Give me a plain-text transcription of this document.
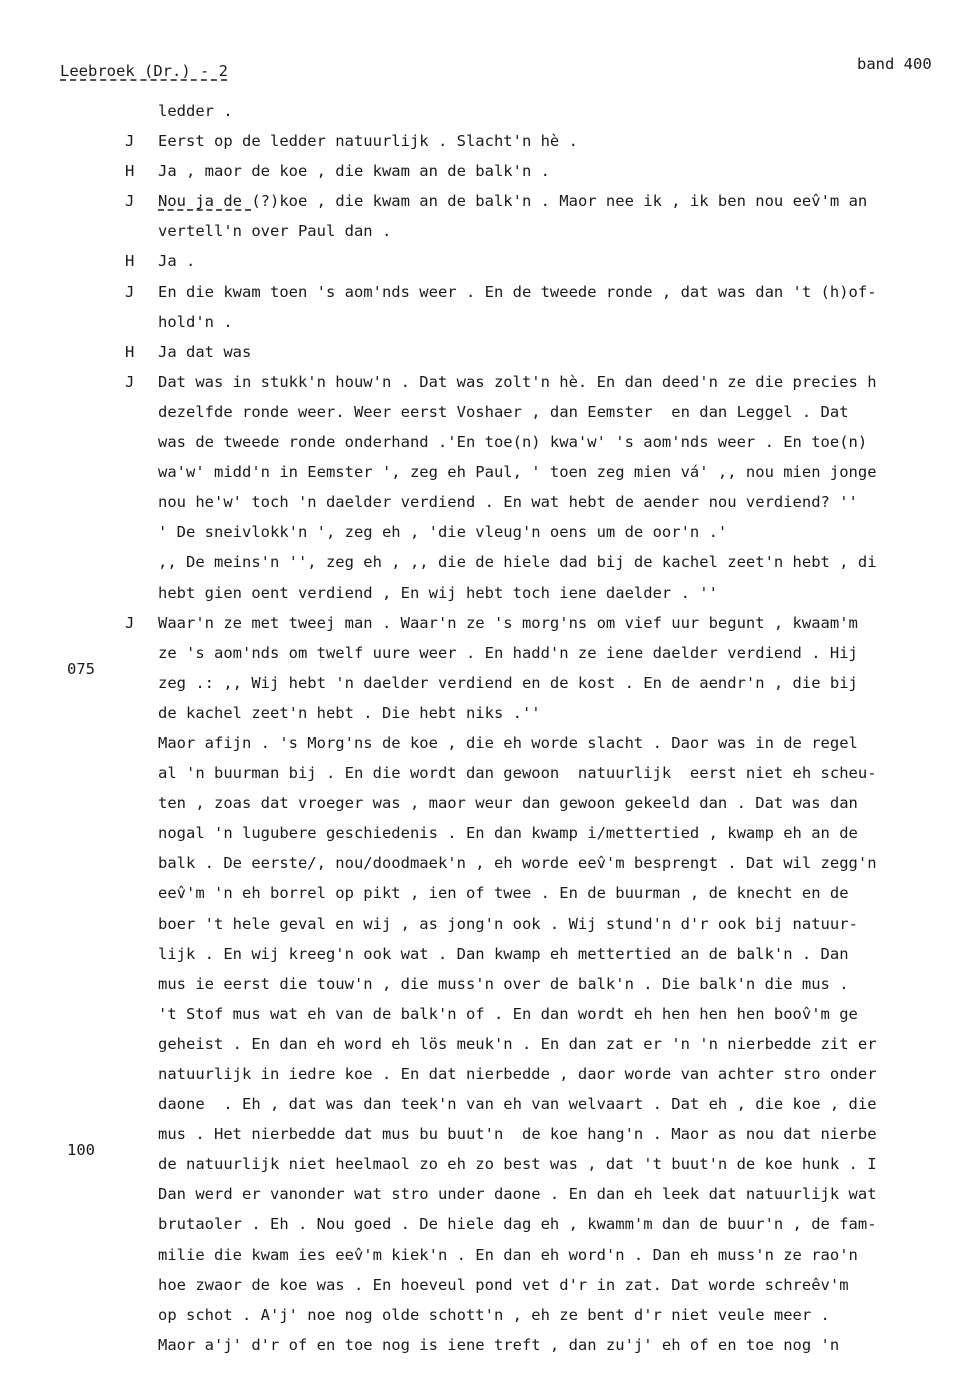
Leebroek (Dr.) - 2	band 400
ledder .
J Eerst op de ledder natuurlijk . Slacht'n hè .
H Ja , maor de koe , die kwam an de balk'n .
J Nou ja de (?)koe , die kwam an de balk'n . Maor nee ik , ik ben nou eev̂'m an
vertell'n over Paul dan .
H Ja .
J En die kwam toen 's aom'nds weer . En de tweede ronde , dat was dan 't (h)of-
hold'n .
H Ja dat was
J Dat was in stukk'n houw'n . Dat was zolt'n hè. En dan deed'n ze die precies h
dezelfde ronde weer. Weer eerst Voshaer , dan Eemster  en dan Leggel . Dat
was de tweede ronde onderhand .'En toe(n) kwa'w' 's aom'nds weer . En toe(n)
wa'w' midd'n in Eemster ', zeg eh Paul, ' toen zeg mien vá' ,, nou mien jonge
nou he'w' toch 'n daelder verdiend . En wat hebt de aender nou verdiend? ''
' De sneivlokk'n ', zeg eh , 'die vleug'n oens um de oor'n .'
,, De meins'n '', zeg eh , ,, die de hiele dad bij de kachel zeet'n hebt , di
hebt gien oent verdiend , En wij hebt toch iene daelder . ''
J Waar'n ze met tweej man . Waar'n ze 's morg'ns om vief uur begunt , kwaam'm
075
ze 's aom'nds om twelf uure weer . En hadd'n ze iene daelder verdiend . Hij
zeg .: ,, Wij hebt 'n daelder verdiend en de kost . En de aendr'n , die bij
de kachel zeet'n hebt . Die hebt niks .''
Maor afijn . 's Morg'ns de koe , die eh worde slacht . Daor was in de regel
al 'n buurman bij . En die wordt dan gewoon  natuurlijk  eerst niet eh scheu-
ten , zoas dat vroeger was , maor weur dan gewoon gekeeld dan . Dat was dan
nogal 'n lugubere geschiedenis . En dan kwamp i/mettertied , kwamp eh an de
balk . De eerste/, nou/doodmaek'n , eh worde eev̂'m besprengt . Dat wil zegg'n
eev̂'m 'n eh borrel op pikt , ien of twee . En de buurman , de knecht en de
boer 't hele geval en wij , as jong'n ook . Wij stund'n d'r ook bij natuur-
lijk . En wij kreeg'n ook wat . Dan kwamp eh mettertied an de balk'n . Dan
mus ie eerst die touw'n , die muss'n over de balk'n . Die balk'n die mus .
't Stof mus wat eh van de balk'n of . En dan wordt eh hen hen hen boov̂'m ge
geheist . En dan eh word eh lös meuk'n . En dan zat er 'n 'n nierbedde zit er
natuurlijk in iedre koe . En dat nierbedde , daor worde van achter stro onder
daone  . Eh , dat was dan teek'n van eh van welvaart . Dat eh , die koe , die
100
mus . Het nierbedde dat mus bu buut'n  de koe hang'n . Maor as nou dat nierbe
de natuurlijk niet heelmaol zo eh zo best was , dat 't buut'n de koe hunk . I
Dan werd er vanonder wat stro under daone . En dan eh leek dat natuurlijk wat
brutaoler . Eh . Nou goed . De hiele dag eh , kwamm'm dan de buur'n , de fam-
milie die kwam ies eev̂'m kiek'n . En dan eh word'n . Dan eh muss'n ze rao'n
hoe zwaor de koe was . En hoeveul pond vet d'r in zat. Dat worde schreêv'm
op schot . A'j' noe nog olde schott'n , eh ze bent d'r niet veule meer .
Maor a'j' d'r of en toe nog is iene treft , dan zu'j' eh of en toe nog 'n
